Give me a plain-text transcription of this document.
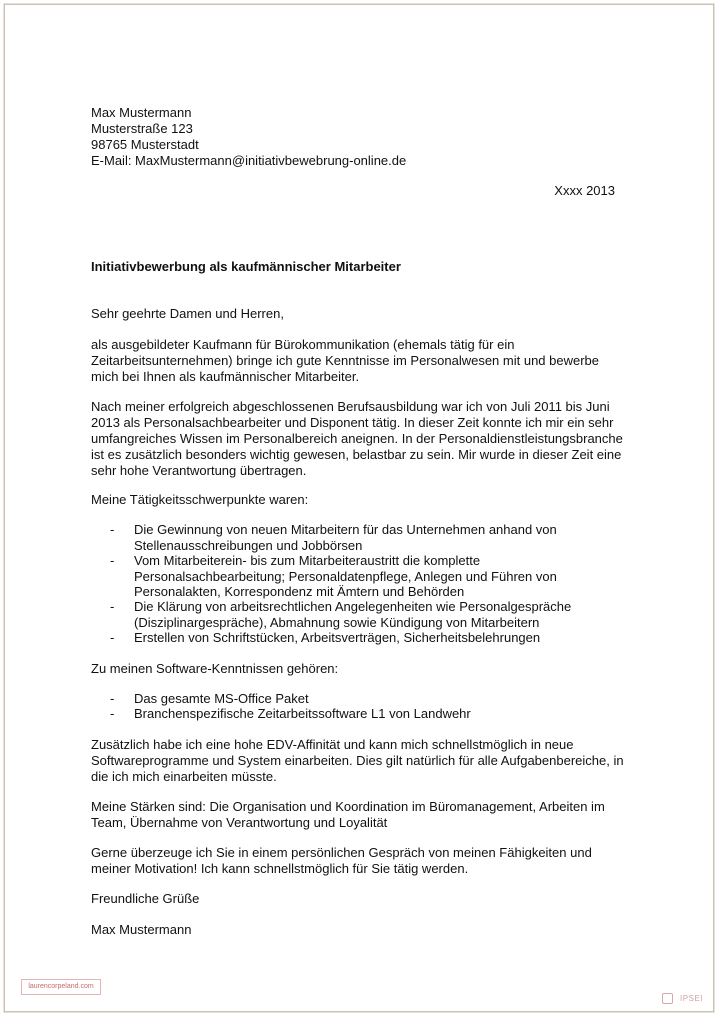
Max Mustermann
Musterstraße 123
98765 Musterstadt
E-Mail: MaxMustermann@initiativbewebrung-online.de
Xxxx 2013
Initiativbewerbung als kaufmännischer Mitarbeiter
Sehr geehrte Damen und Herren,
als ausgebildeter Kaufmann für Bürokommunikation (ehemals tätig für ein
Zeitarbeitsunternehmen) bringe ich gute Kenntnisse im Personalwesen mit und bewerbe
mich bei Ihnen als kaufmännischer Mitarbeiter.
Nach meiner erfolgreich abgeschlossenen Berufsausbildung war ich von Juli 2011 bis Juni
2013 als Personalsachbearbeiter und Disponent tätig. In dieser Zeit konnte ich mir ein sehr
umfangreiches Wissen im Personalbereich aneignen. In der Personaldienstleistungsbranche
ist es zusätzlich besonders wichtig gewesen, belastbar zu sein. Mir wurde in dieser Zeit eine
sehr hohe Verantwortung übertragen.
Meine Tätigkeitsschwerpunkte waren:
- Die Gewinnung von neuen Mitarbeitern für das Unternehmen anhand von
Stellenausschreibungen und Jobbörsen
- Vom Mitarbeiterein- bis zum Mitarbeiteraustritt die komplette
Personalsachbearbeitung; Personaldatenpflege, Anlegen und Führen von
Personalakten, Korrespondenz mit Ämtern und Behörden
- Die Klärung von arbeitsrechtlichen Angelegenheiten wie Personalgespräche
(Disziplinargespräche), Abmahnung sowie Kündigung von Mitarbeitern
- Erstellen von Schriftstücken, Arbeitsverträgen, Sicherheitsbelehrungen
Zu meinen Software-Kenntnissen gehören:
- Das gesamte MS-Office Paket
- Branchenspezifische Zeitarbeitssoftware L1 von Landwehr
Zusätzlich habe ich eine hohe EDV-Affinität und kann mich schnellstmöglich in neue
Softwareprogramme und System einarbeiten. Dies gilt natürlich für alle Aufgabenbereiche, in
die ich mich einarbeiten müsste.
Meine Stärken sind: Die Organisation und Koordination im Büromanagement, Arbeiten im
Team, Übernahme von Verantwortung und Loyalität
Gerne überzeuge ich Sie in einem persönlichen Gespräch von meinen Fähigkeiten und
meiner Motivation! Ich kann schnellstmöglich für Sie tätig werden.
Freundliche Grüße
Max Mustermann
laurencorpeland.com
IPSEI
